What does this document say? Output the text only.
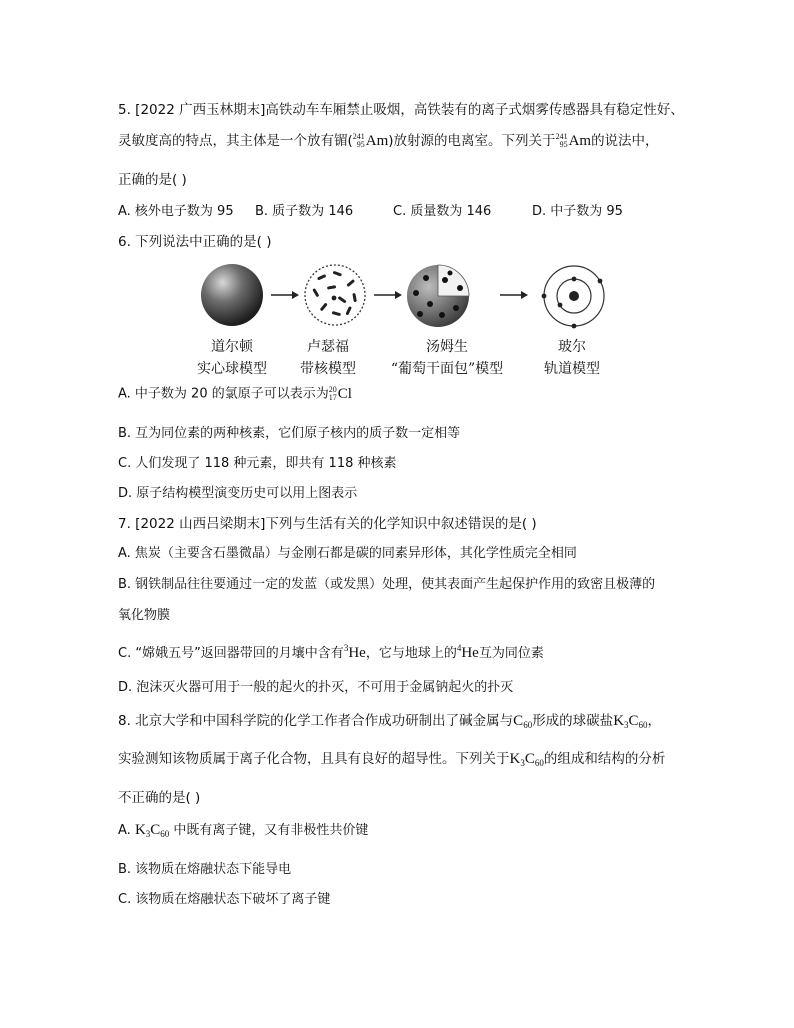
5. [2022 广西玉林期末]高铁动车车厢禁止吸烟，高铁装有的离子式烟雾传感器具有稳定性好、
灵敏度高的特点，其主体是一个放有镅( 241
95 Am )放射源的电离室。下列关于 241
95 Am 的说法中，
正确的是( )
A. 核外电子数为 95 B. 质子数为 146	C. 质量数为 146	D. 中子数为 95
6. 下列说法中正确的是( )
道尔顿
实心球模型
卢瑟福
带核模型
汤姆生
“葡萄干面包”模型
玻尔
轨道模型
A. 中子数为 20 的氯原子可以表示为 20
17 Cl
B. 互为同位素的两种核素，它们原子核内的质子数一定相等
C. 人们发现了 118 种元素，即共有 118 种核素
D. 原子结构模型演变历史可以用上图表示
7. [2022 山西吕梁期末]下列与生活有关的化学知识中叙述错误的是( )
A. 焦炭（主要含石墨微晶）与金刚石都是碳的同素异形体，其化学性质完全相同
B. 钢铁制品往往要通过一定的发蓝（或发黑）处理，使其表面产生起保护作用的致密且极薄的
氧化物膜
C. “嫦娥五号”返回器带回的月壤中含有$^3$He，它与地球上的$^4$He互为同位素
D. 泡沫灭火器可用于一般的起火的扑灭，不可用于金属钠起火的扑灭
8. 北京大学和中国科学院的化学工作者合作成功研制出了碱金属与$C_{60}$形成的球碳盐$K_3C_{60}$，
实验测知该物质属于离子化合物，且具有良好的超导性。下列关于$K_3C_{60}$的组成和结构的分析
不正确的是( )
A. $K_3C_{60}$ 中既有离子键，又有非极性共价键
B. 该物质在熔融状态下能导电
C. 该物质在熔融状态下破坏了离子键
